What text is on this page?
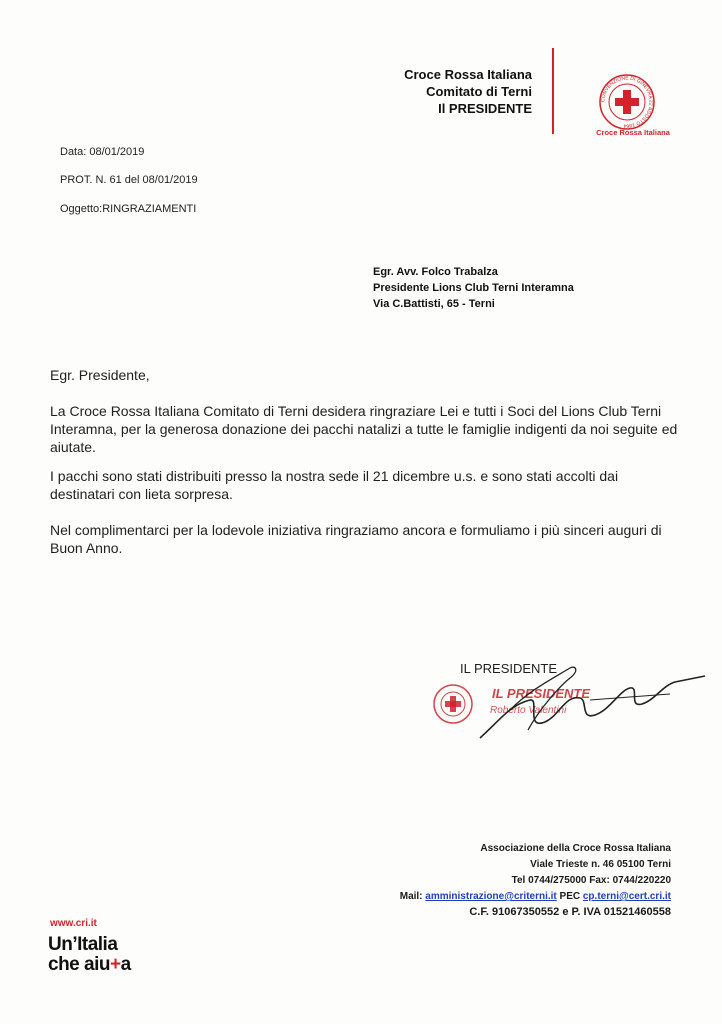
Croce Rossa Italiana
Comitato di Terni
Il PRESIDENTE
CONVENZIONE DI GINEVRA 22 AGOSTO 1864
Croce Rossa Italiana
Data: 08/01/2019
PROT. N. 61 del 08/01/2019
Oggetto:RINGRAZIAMENTI
Egr. Avv. Folco Trabalza
Presidente Lions Club Terni Interamna
Via C.Battisti, 65 - Terni
Egr. Presidente,
La Croce Rossa Italiana Comitato di Terni desidera ringraziare Lei e tutti i Soci del Lions Club Terni Interamna, per la generosa donazione dei pacchi natalizi a tutte le famiglie indigenti da noi seguite ed aiutate.
I pacchi sono stati distribuiti presso la nostra sede il 21 dicembre u.s. e sono stati accolti dai destinatari con lieta sorpresa.
Nel complimentarci per la lodevole iniziativa ringraziamo ancora e formuliamo i più sinceri auguri di Buon Anno.
IL PRESIDENTE
IL PRESIDENTE
Roberto Valentini
Associazione della Croce Rossa Italiana
Viale Trieste n. 46 05100 Terni
Tel 0744/275000 Fax: 0744/220220
Mail: amministrazione@criterni.it PEC cp.terni@cert.cri.it
C.F. 91067350552 e P. IVA 01521460558
www.cri.it
Un’Italia
che aiu+a
